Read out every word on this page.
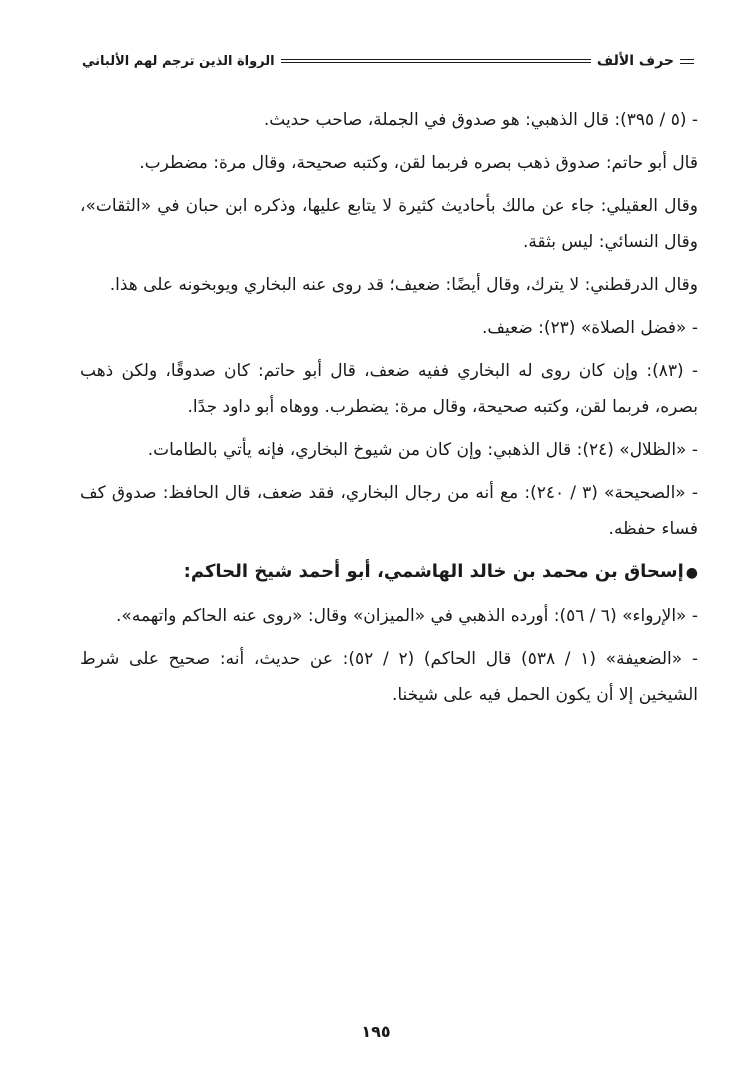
حرف الألف
الرواة الذين ترجم لهم الألباني

- (٥ / ٣٩٥): قال الذهبي: هو صدوق في الجملة، صاحب حديث.

قال أبو حاتم: صدوق ذهب بصره فربما لقن، وكتبه صحيحة، وقال مرة: مضطرب.

وقال العقيلي: جاء عن مالك بأحاديث كثيرة لا يتابع عليها، وذكره ابن حبان في «الثقات»، وقال النسائي: ليس بثقة.

وقال الدرقطني: لا يترك، وقال أيضًا: ضعيف؛ قد روى عنه البخاري ويوبخونه على هذا.

- «فضل الصلاة» (٢٣): ضعيف.

- (٨٣): وإن كان روى له البخاري ففيه ضعف، قال أبو حاتم: كان صدوقًا، ولكن ذهب بصره، فربما لقن، وكتبه صحيحة، وقال مرة: يضطرب. ووهاه أبو داود جدًا.

- «الظلال» (٢٤): قال الذهبي: وإن كان من شيوخ البخاري، فإنه يأتي بالطامات.

- «الصحيحة» (٣ / ٢٤٠): مع أنه من رجال البخاري، فقد ضعف، قال الحافظ: صدوق كف فساء حفظه.

●إسحاق بن محمد بن خالد الهاشمي، أبو أحمد شيخ الحاكم:

- «الإرواء» (٦ / ٥٦): أورده الذهبي في «الميزان» وقال: «روى عنه الحاكم واتهمه».

- «الضعيفة» (١ / ٥٣٨) قال الحاكم) (٢ / ٥٢): عن حديث، أنه: صحيح على شرط الشيخين إلا أن يكون الحمل فيه على شيخنا.

١٩٥
